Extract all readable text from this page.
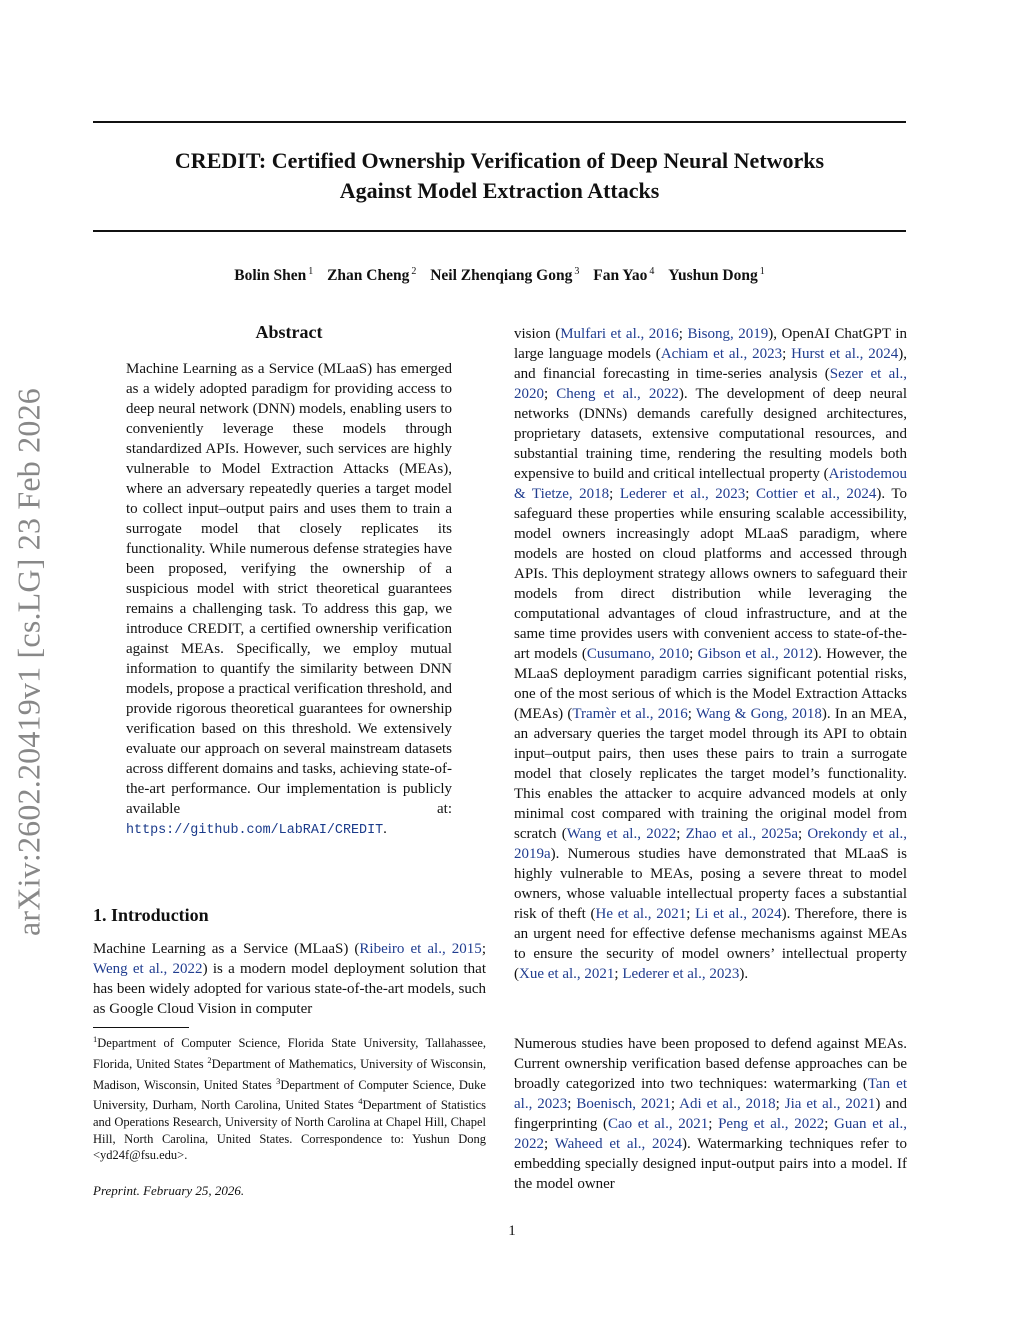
arXiv:2602.20419v1 [cs.LG] 23 Feb 2026
CREDIT: Certified Ownership Verification of Deep Neural Networks
Against Model Extraction Attacks
Bolin Shen $^1$ Zhan Cheng $^2$ Neil Zhenqiang Gong $^3$ Fan Yao $^4$ Yushun Dong $^1$
Abstract

Machine Learning as a Service (MLaaS) has emerged as a widely adopted paradigm for providing access to deep neural network (DNN) models, enabling users to conveniently leverage these models through standardized APIs. However, such services are highly vulnerable to Model Extraction Attacks (MEAs), where an adversary repeatedly queries a target model to collect input–output pairs and uses them to train a surrogate model that closely replicates its functionality. While numerous defense strategies have been proposed, verifying the ownership of a suspicious model with strict theoretical guarantees remains a challenging task. To address this gap, we introduce CREDIT, a certified ownership verification against MEAs. Specifically, we employ mutual information to quantify the similarity between DNN models, propose a practical verification threshold, and provide rigorous theoretical guarantees for ownership verification based on this threshold. We extensively evaluate our approach on several mainstream datasets across different domains and tasks, achieving state-of-the-art performance. Our implementation is publicly available at: https://github.com/LabRAI/CREDIT.

1. Introduction

Machine Learning as a Service (MLaaS) (Ribeiro et al., 2015; Weng et al., 2022) is a modern model deployment solution that has been widely adopted for various state-of-the-art models, such as Google Cloud Vision in computer

$^1$Department of Computer Science, Florida State University, Tallahassee, Florida, United States $^2$Department of Mathematics, University of Wisconsin, Madison, Wisconsin, United States $^3$Department of Computer Science, Duke University, Durham, North Carolina, United States $^4$Department of Statistics and Operations Research, University of North Carolina at Chapel Hill, Chapel Hill, North Carolina, United States. Correspondence to: Yushun Dong <yd24f@fsu.edu>.

Preprint. February 25, 2026.

vision (Mulfari et al., 2016; Bisong, 2019), OpenAI ChatGPT in large language models (Achiam et al., 2023; Hurst et al., 2024), and financial forecasting in time-series analysis (Sezer et al., 2020; Cheng et al., 2022). The development of deep neural networks (DNNs) demands carefully designed architectures, proprietary datasets, extensive computational resources, and substantial training time, rendering the resulting models both expensive to build and critical intellectual property (Aristodemou & Tietze, 2018; Lederer et al., 2023; Cottier et al., 2024). To safeguard these properties while ensuring scalable accessibility, model owners increasingly adopt MLaaS paradigm, where models are hosted on cloud platforms and accessed through APIs. This deployment strategy allows owners to safeguard their models from direct distribution while leveraging the computational advantages of cloud infrastructure, and at the same time provides users with convenient access to state-of-the-art models (Cusumano, 2010; Gibson et al., 2012). However, the MLaaS deployment paradigm carries significant potential risks, one of the most serious of which is the Model Extraction Attacks (MEAs) (Tramèr et al., 2016; Wang & Gong, 2018). In an MEA, an adversary queries the target model through its API to obtain input–output pairs, then uses these pairs to train a surrogate model that closely replicates the target model’s functionality. This enables the attacker to acquire advanced models at only minimal cost compared with training the original model from scratch (Wang et al., 2022; Zhao et al., 2025a; Orekondy et al., 2019a). Numerous studies have demonstrated that MLaaS is highly vulnerable to MEAs, posing a severe threat to model owners, whose valuable intellectual property faces a substantial risk of theft (He et al., 2021; Li et al., 2024). Therefore, there is an urgent need for effective defense mechanisms against MEAs to ensure the security of model owners’ intellectual property (Xue et al., 2021; Lederer et al., 2023).

Numerous studies have been proposed to defend against MEAs. Current ownership verification based defense approaches can be broadly categorized into two techniques: watermarking (Tan et al., 2023; Boenisch, 2021; Adi et al., 2018; Jia et al., 2021) and fingerprinting (Cao et al., 2021; Peng et al., 2022; Guan et al., 2022; Waheed et al., 2024). Watermarking techniques refer to embedding specially designed input-output pairs into a model. If the model owner

1
